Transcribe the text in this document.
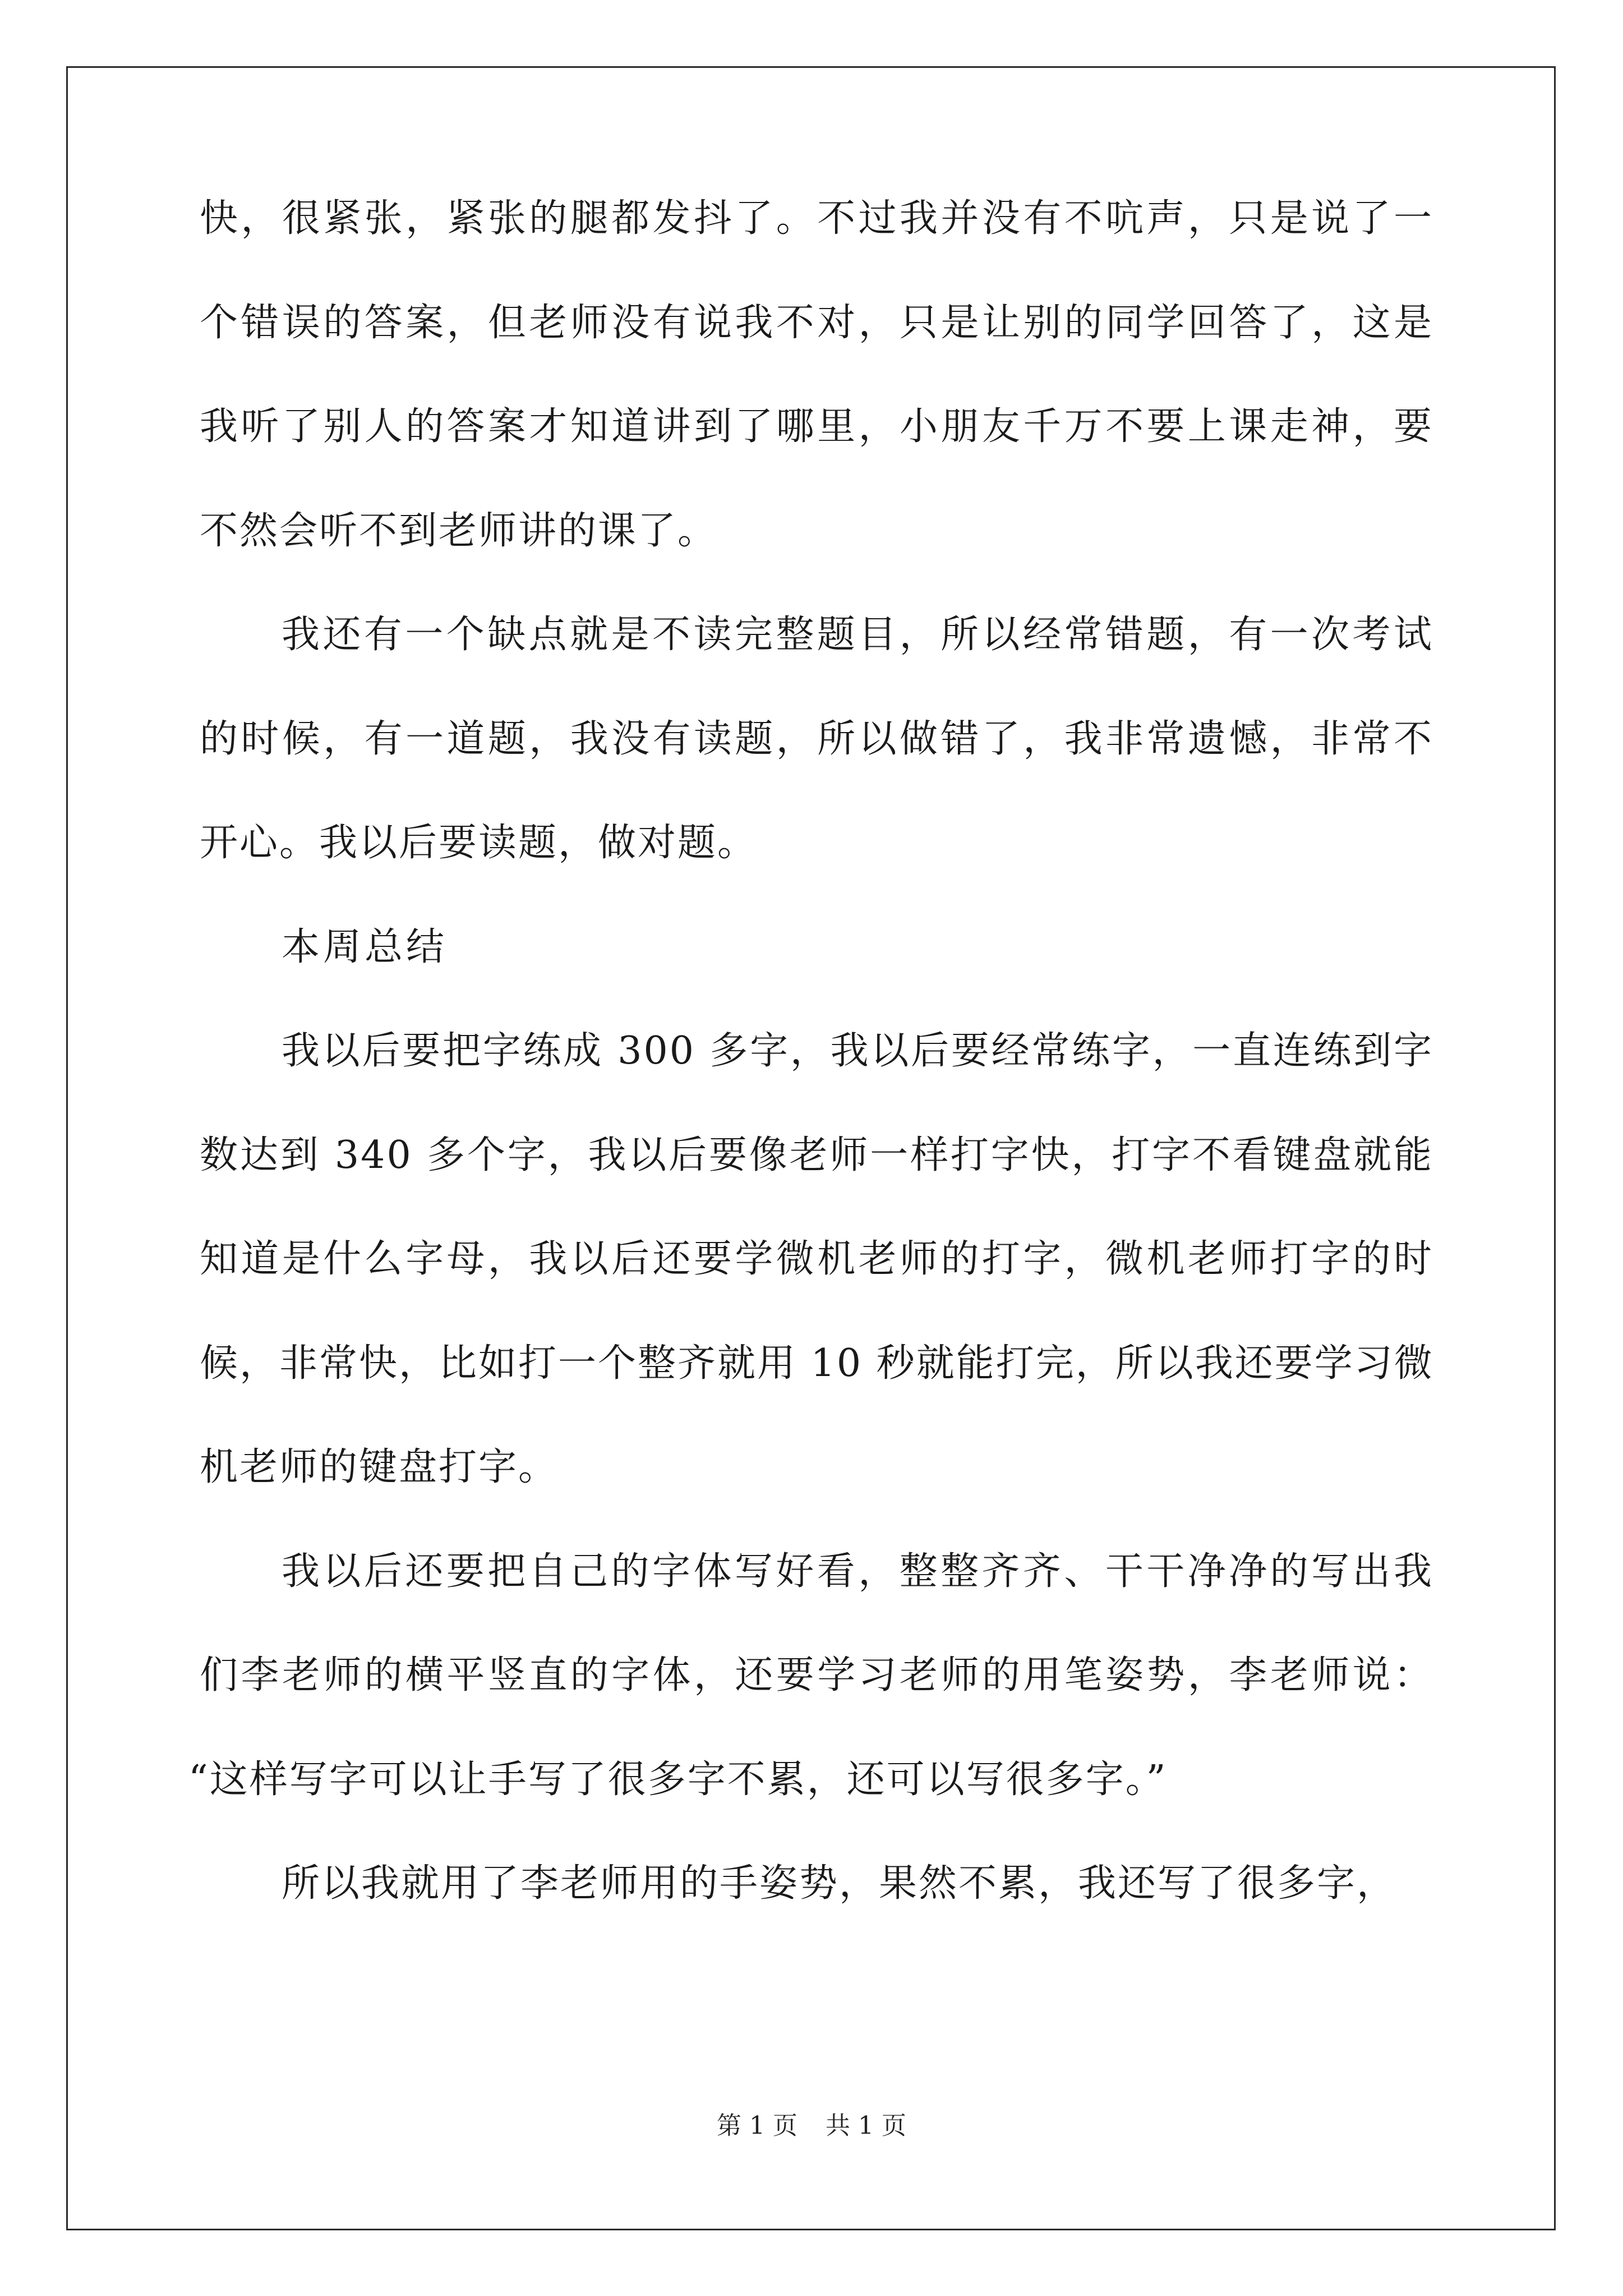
快，很紧张，紧张的腿都发抖了。不过我并没有不吭声，只是说了一
个错误的答案，但老师没有说我不对，只是让别的同学回答了，这是
我听了别人的答案才知道讲到了哪里，小朋友千万不要上课走神，要
不然会听不到老师讲的课了。
我还有一个缺点就是不读完整题目，所以经常错题，有一次考试
的时候，有一道题，我没有读题，所以做错了，我非常遗憾，非常不
开心。我以后要读题，做对题。
本周总结
我以后要把字练成 300 多字，我以后要经常练字，一直连练到字
数达到 340 多个字，我以后要像老师一样打字快，打字不看键盘就能
知道是什么字母，我以后还要学微机老师的打字，微机老师打字的时
候，非常快，比如打一个整齐就用 10 秒就能打完，所以我还要学习微
机老师的键盘打字。
我以后还要把自己的字体写好看，整整齐齐、干干净净的写出我
们李老师的横平竖直的字体，还要学习老师的用笔姿势，李老师说：
“这样写字可以让手写了很多字不累，还可以写很多字。”
所以我就用了李老师用的手姿势，果然不累，我还写了很多字，
第 1 页 共 1 页
